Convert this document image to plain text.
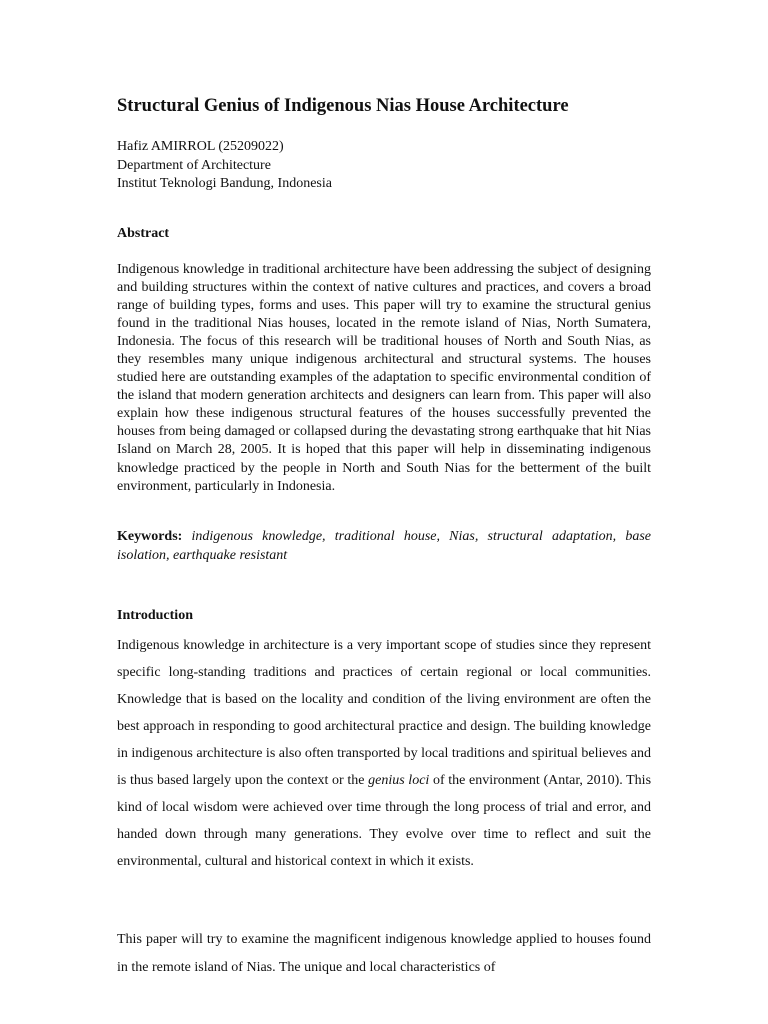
Structural Genius of Indigenous Nias House Architecture
Hafiz AMIRROL (25209022)
Department of Architecture
Institut Teknologi Bandung, Indonesia
Abstract

Indigenous knowledge in traditional architecture have been addressing the subject of designing and building structures within the context of native cultures and practices, and covers a broad range of building types, forms and uses. This paper will try to examine the structural genius found in the traditional Nias houses, located in the remote island of Nias, North Sumatera, Indonesia. The focus of this research will be traditional houses of North and South Nias, as they resembles many unique indigenous architectural and structural systems. The houses studied here are outstanding examples of the adaptation to specific environmental condition of the island that modern generation architects and designers can learn from. This paper will also explain how these indigenous structural features of the houses successfully prevented the houses from being damaged or collapsed during the devastating strong earthquake that hit Nias Island on March 28, 2005. It is hoped that this paper will help in disseminating indigenous knowledge practiced by the people in North and South Nias for the betterment of the built environment, particularly in Indonesia.

Keywords: indigenous knowledge, traditional house, Nias, structural adaptation, base isolation, earthquake resistant

Introduction

Indigenous knowledge in architecture is a very important scope of studies since they represent specific long-standing traditions and practices of certain regional or local communities. Knowledge that is based on the locality and condition of the living environment are often the best approach in responding to good architectural practice and design. The building knowledge in indigenous architecture is also often transported by local traditions and spiritual believes and is thus based largely upon the context or the genius loci of the environment (Antar, 2010). This kind of local wisdom were achieved over time through the long process of trial and error, and handed down through many generations. They evolve over time to reflect and suit the environmental, cultural and historical context in which it exists.

This paper will try to examine the magnificent indigenous knowledge applied to houses found in the remote island of Nias. The unique and local characteristics of
